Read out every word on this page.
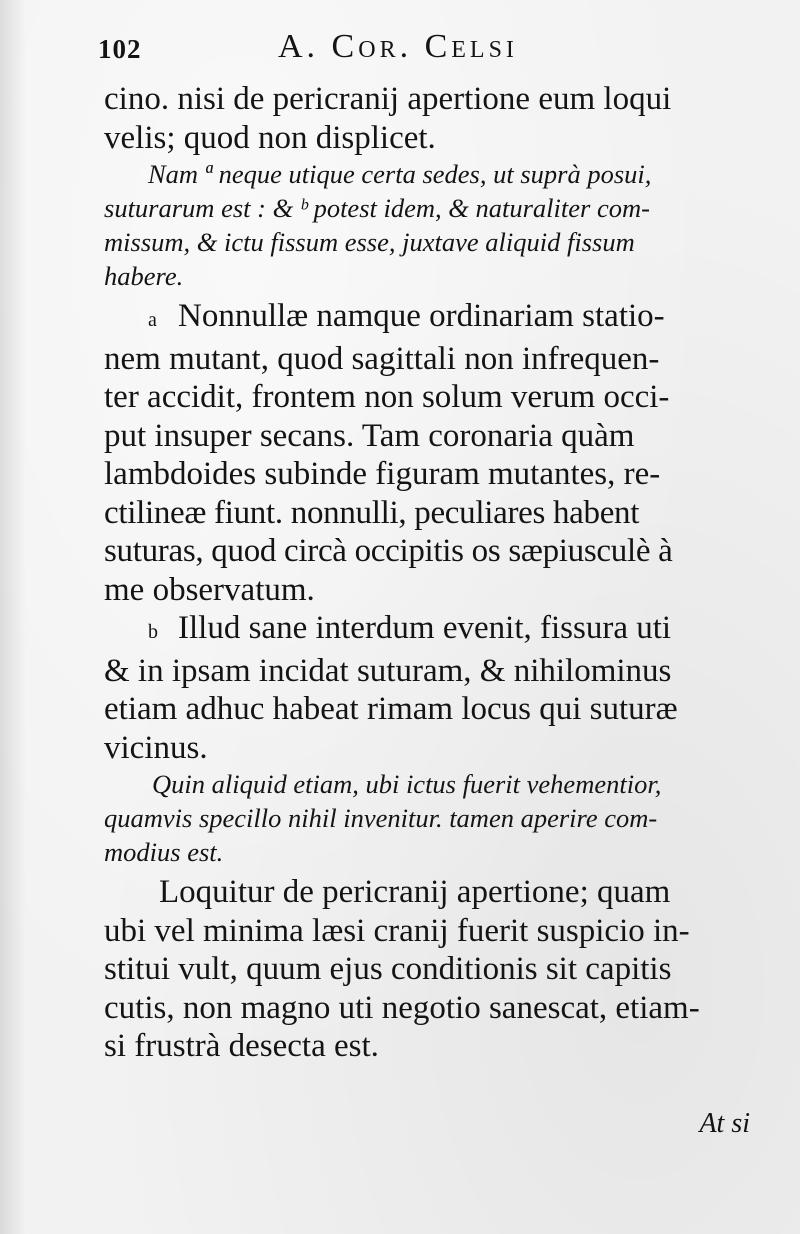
102	A. Cor. Celsi
cino. nisi de pericranij apertione eum loqui
velis; quod non displicet.
Nam ª neque utique certa sedes, ut suprà posui,
suturarum est : & ᵇ potest idem, & naturaliter com-
missum, & ictu fissum esse, juxtave aliquid fissum
habere.
a Nonnullæ namque ordinariam statio-
nem mutant, quod sagittali non infrequen-
ter accidit, frontem non solum verum occi-
put insuper secans. Tam coronaria quàm
lambdoides subinde figuram mutantes, re-
ctilineæ fiunt. nonnulli, peculiares habent
suturas, quod circà occipitis os sæpiusculè à
me observatum.
b Illud sane interdum evenit, fissura uti
& in ipsam incidat suturam, & nihilominus
etiam adhuc habeat rimam locus qui suturæ
vicinus.
Quin aliquid etiam, ubi ictus fuerit vehementior,
quamvis specillo nihil invenitur. tamen aperire com-
modius est.
Loquitur de pericranij apertione; quam
ubi vel minima læsi cranij fuerit suspicio in-
stitui vult, quum ejus conditionis sit capitis
cutis, non magno uti negotio sanescat, etiam-
si frustrà desecta est.
At si
